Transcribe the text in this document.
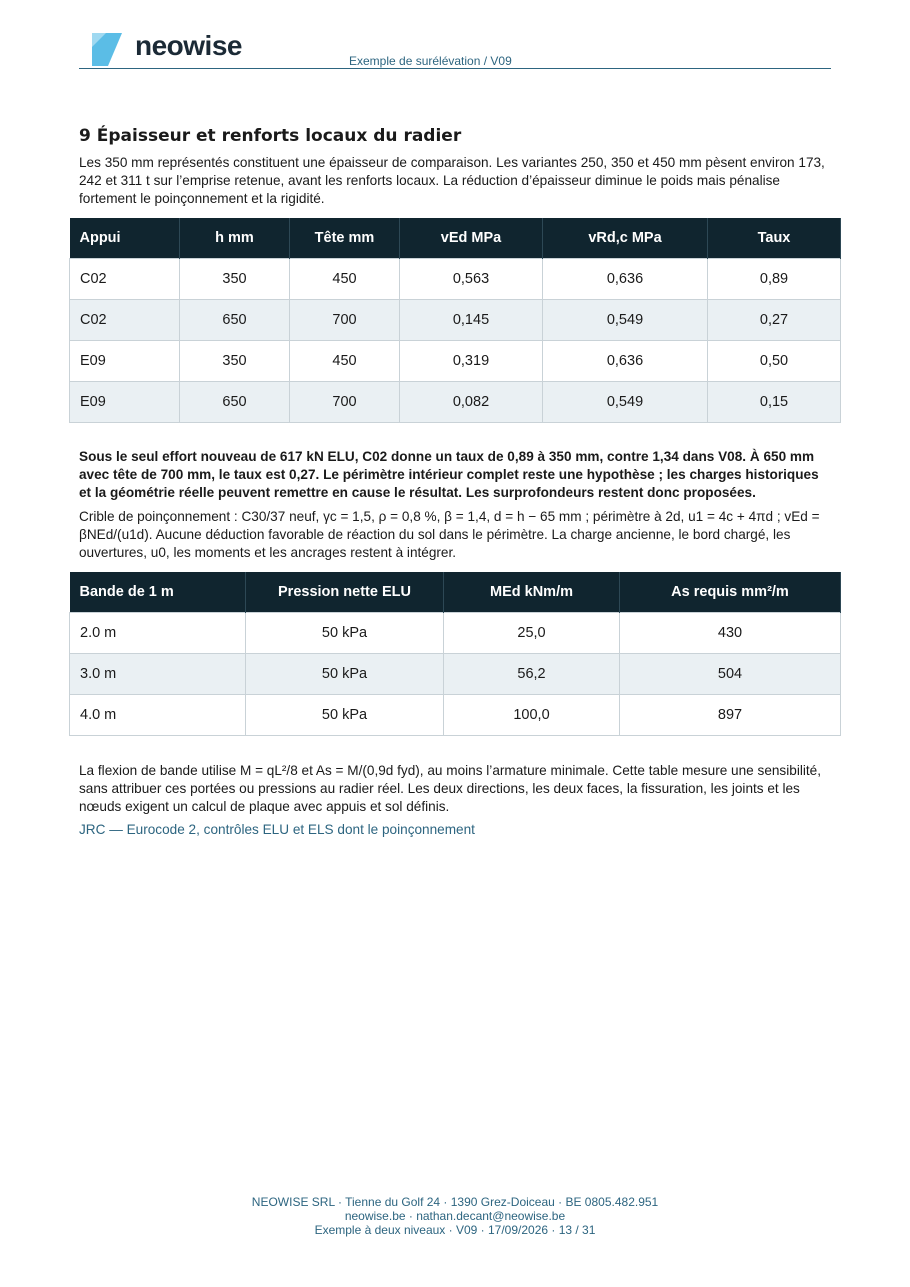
neowise	Exemple de surélévation / V09
9 Épaisseur et renforts locaux du radier

Les 350 mm représentés constituent une épaisseur de comparaison. Les variantes 250, 350 et 450 mm pèsent environ 173, 242 et 311 t sur l’emprise retenue, avant les renforts locaux. La réduction d’épaisseur diminue le poids mais pénalise fortement le poinçonnement et la rigidité.

Appui	h mm	Tête mm	vEd MPa	vRd,c MPa	Taux
C02	350	450	0,563	0,636	0,89
C02	650	700	0,145	0,549	0,27
E09	350	450	0,319	0,636	0,50
E09	650	700	0,082	0,549	0,15

Sous le seul effort nouveau de 617 kN ELU, C02 donne un taux de 0,89 à 350 mm, contre 1,34 dans V08. À 650 mm avec tête de 700 mm, le taux est 0,27. Le périmètre intérieur complet reste une hypothèse ; les charges historiques et la géométrie réelle peuvent remettre en cause le résultat. Les surprofondeurs restent donc proposées.

Crible de poinçonnement : C30/37 neuf, γc = 1,5, ρ = 0,8 %, β = 1,4, d = h − 65 mm ; périmètre à 2d, u1 = 4c + 4πd ; vEd = βNEd/(u1d). Aucune déduction favorable de réaction du sol dans le périmètre. La charge ancienne, le bord chargé, les ouvertures, u0, les moments et les ancrages restent à intégrer.

Bande de 1 m	Pression nette ELU	MEd kNm/m	As requis mm²/m
2.0 m	50 kPa	25,0	430
3.0 m	50 kPa	56,2	504
4.0 m	50 kPa	100,0	897

La flexion de bande utilise M = qL²/8 et As = M/(0,9d fyd), au moins l’armature minimale. Cette table mesure une sensibilité, sans attribuer ces portées ou pressions au radier réel. Les deux directions, les deux faces, la fissuration, les joints et les nœuds exigent un calcul de plaque avec appuis et sol définis.

JRC — Eurocode 2, contrôles ELU et ELS dont le poinçonnement
NEOWISE SRL · Tienne du Golf 24 · 1390 Grez-Doiceau · BE 0805.482.951
neowise.be · nathan.decant@neowise.be
Exemple à deux niveaux · V09 · 17/09/2026 · 13 / 31
